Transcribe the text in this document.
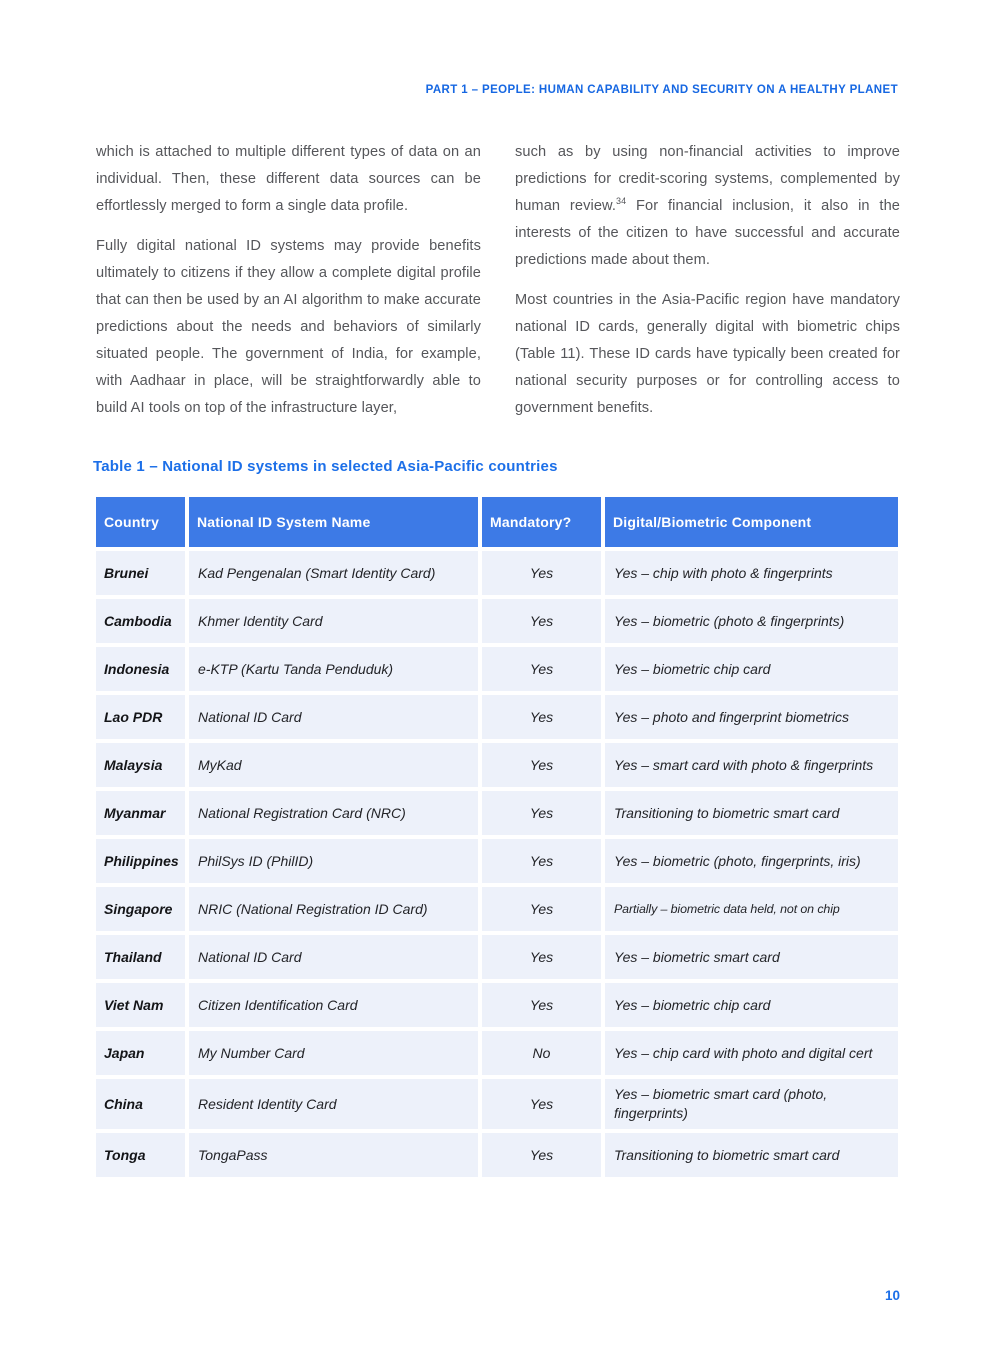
PART 1 – PEOPLE: HUMAN CAPABILITY AND SECURITY ON A HEALTHY PLANET

which is attached to multiple different types of data on an individual. Then, these different data sources can be effortlessly merged to form a single data profile.

Fully digital national ID systems may provide benefits ultimately to citizens if they allow a complete digital profile that can then be used by an AI algorithm to make accurate predictions about the needs and behaviors of similarly situated people. The government of India, for example, with Aadhaar in place, will be straightforwardly able to build AI tools on top of the infrastructure layer,

such as by using non-financial activities to improve predictions for credit-scoring systems, complemented by human review.$^{34}$ For financial inclusion, it also in the interests of the citizen to have successful and accurate predictions made about them.

Most countries in the Asia-Pacific region have mandatory national ID cards, generally digital with biometric chips (Table 11). These ID cards have typically been created for national security purposes or for controlling access to government benefits.

Table 1 – National ID systems in selected Asia-Pacific countries
Country	National ID System Name	Mandatory?	Digital/Biometric Component
Brunei	Kad Pengenalan (Smart Identity Card)	Yes	Yes – chip with photo & fingerprints
Cambodia	Khmer Identity Card	Yes	Yes – biometric (photo & fingerprints)
Indonesia	e-KTP (Kartu Tanda Penduduk)	Yes	Yes – biometric chip card
Lao PDR	National ID Card	Yes	Yes – photo and fingerprint biometrics
Malaysia	MyKad	Yes	Yes – smart card with photo & fingerprints
Myanmar	National Registration Card (NRC)	Yes	Transitioning to biometric smart card
Philippines	PhilSys ID (PhilID)	Yes	Yes – biometric (photo, fingerprints, iris)
Singapore	NRIC (National Registration ID Card)	Yes	Partially – biometric data held, not on chip
Thailand	National ID Card	Yes	Yes – biometric smart card
Viet Nam	Citizen Identification Card	Yes	Yes – biometric chip card
Japan	My Number Card	No	Yes – chip card with photo and digital cert
China	Resident Identity Card	Yes	Yes – biometric smart card (photo, fingerprints)
Tonga	TongaPass	Yes	Transitioning to biometric smart card
10
